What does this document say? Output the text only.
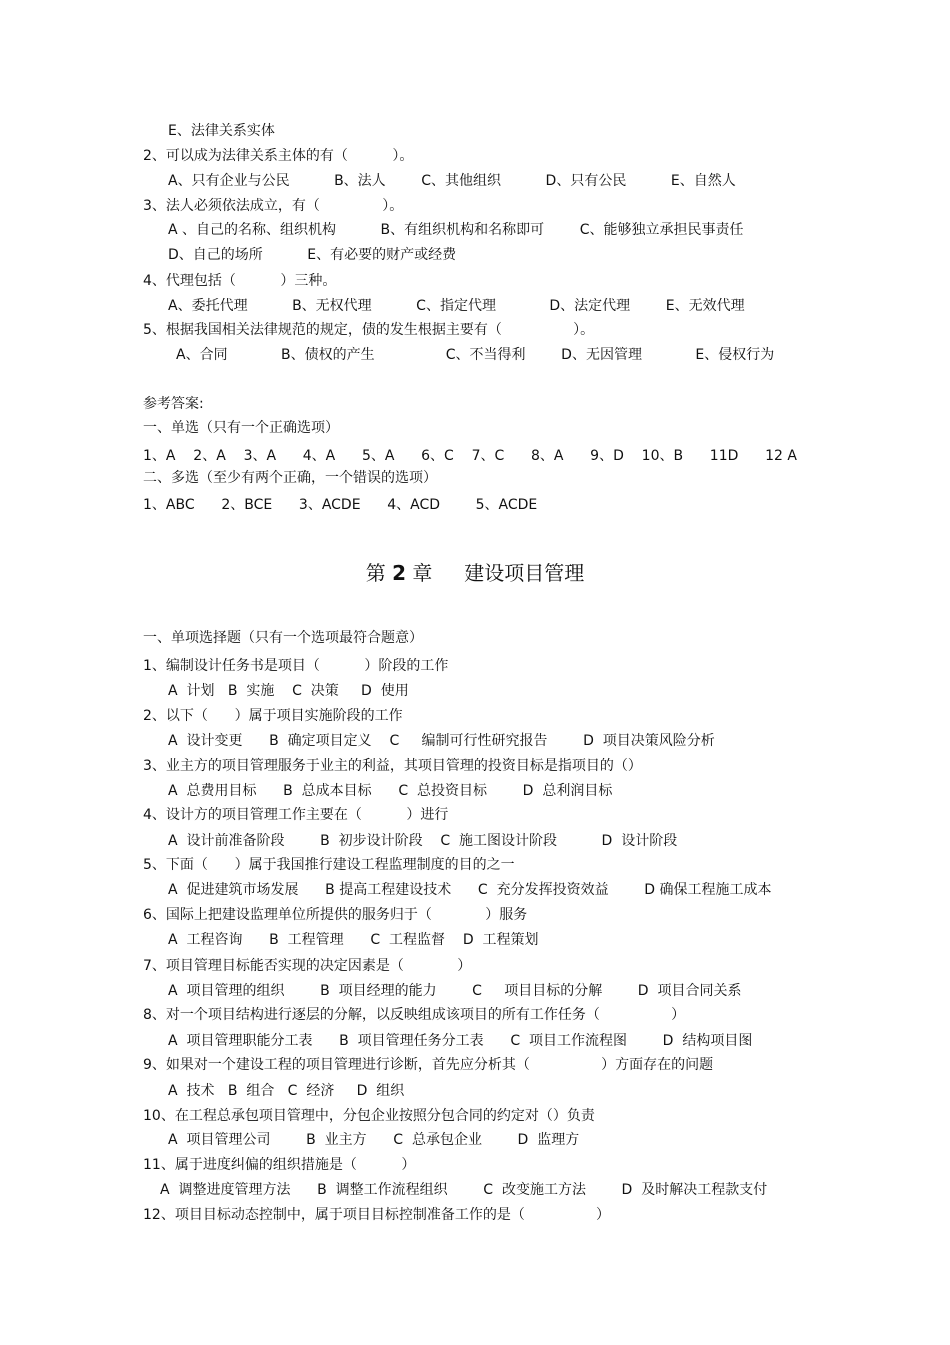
E、法律关系实体
2、可以成为法律关系主体的有（          ）。
A、只有企业与公民          B、法人        C、其他组织          D、只有公民          E、自然人
3、法人必须依法成立，有（              ）。
A 、自己的名称、组织机构          B、有组织机构和名称即可        C、能够独立承担民事责任
D、自己的场所          E、有必要的财产或经费
4、代理包括（          ）三种。
A、委托代理          B、无权代理          C、指定代理            D、法定代理        E、无效代理
5、根据我国相关法律规范的规定，债的发生根据主要有（                ）。
A、合同            B、债权的产生                C、不当得利        D、无因管理            E、侵权行为
参考答案:
一、单选（只有一个正确选项）
1、A    2、A    3、A      4、A      5、A      6、C    7、C      8、A      9、D    10、B      11D      12 A
二、多选（至少有两个正确，一个错误的选项）
1、ABC      2、BCE      3、ACDE      4、ACD        5、ACDE
第 2 章     建设项目管理
一、单项选择题（只有一个选项最符合题意）
1、编制设计任务书是项目（          ）阶段的工作
A  计划   B  实施    C  决策     D  使用
2、以下（      ）属于项目实施阶段的工作
A  设计变更      B  确定项目定义    C     编制可行性研究报告        D  项目决策风险分析
3、业主方的项目管理服务于业主的利益，其项目管理的投资目标是指项目的（）
A  总费用目标      B  总成本目标      C  总投资目标        D  总利润目标
4、设计方的项目管理工作主要在（          ）进行
A  设计前准备阶段        B  初步设计阶段    C  施工图设计阶段          D  设计阶段
5、下面（      ）属于我国推行建设工程监理制度的目的之一
A  促进建筑市场发展      B 提高工程建设技术      C  充分发挥投资效益        D 确保工程施工成本
6、国际上把建设监理单位所提供的服务归于（            ）服务
A  工程咨询      B  工程管理      C  工程监督    D  工程策划
7、项目管理目标能否实现的决定因素是（            ）
A  项目管理的组织        B  项目经理的能力        C     项目目标的分解        D  项目合同关系
8、对一个项目结构进行逐层的分解，以反映组成该项目的所有工作任务（                ）
A  项目管理职能分工表      B  项目管理任务分工表      C  项目工作流程图        D  结构项目图
9、如果对一个建设工程的项目管理进行诊断，首先应分析其（                ）方面存在的问题
A  技术   B  组合   C  经济     D  组织
10、在工程总承包项目管理中，分包企业按照分包合同的约定对（）负责
A  项目管理公司        B  业主方      C  总承包企业        D  监理方
11、属于进度纠偏的组织措施是（          ）
A  调整进度管理方法      B  调整工作流程组织        C  改变施工方法        D  及时解决工程款支付
12、项目目标动态控制中，属于项目目标控制准备工作的是（                ）
